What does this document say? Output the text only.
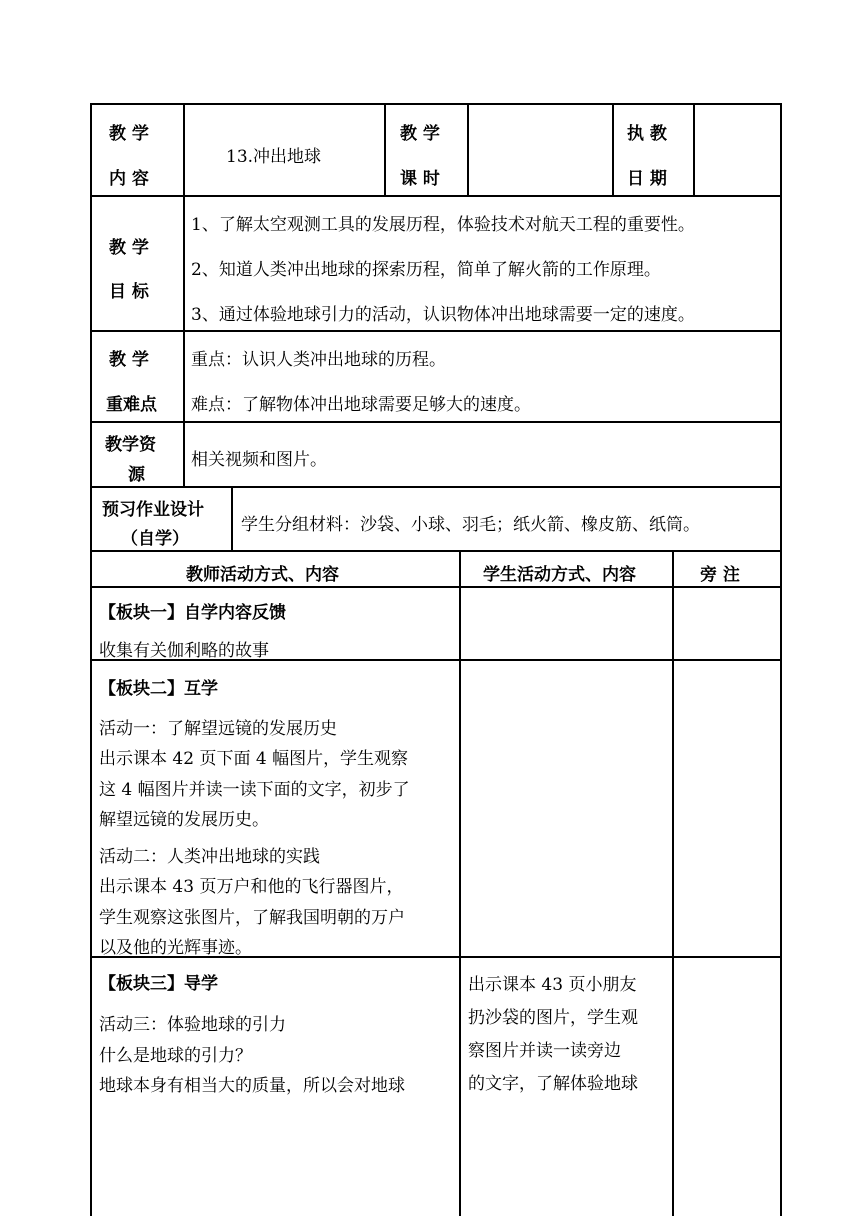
教 学
内 容
13.冲出地球
教 学
课 时
执 教
日 期
教 学
目 标
1、了解太空观测工具的发展历程，体验技术对航天工程的重要性。
2、知道人类冲出地球的探索历程，简单了解火箭的工作原理。
3、通过体验地球引力的活动，认识物体冲出地球需要一定的速度。
教 学
重难点
重点：认识人类冲出地球的历程。
难点：了解物体冲出地球需要足够大的速度。
教学资
源
相关视频和图片。
预习作业设计
（自学）
学生分组材料：沙袋、小球、羽毛；纸火箭、橡皮筋、纸筒。
教师活动方式、内容	学生活动方式、内容	旁 注
【板块一】自学内容反馈
收集有关伽利略的故事
【板块二】互学
活动一：了解望远镜的发展历史
出示课本 42 页下面 4 幅图片，学生观察
这 4 幅图片并读一读下面的文字，初步了
解望远镜的发展历史。
活动二：人类冲出地球的实践
出示课本 43 页万户和他的飞行器图片，
学生观察这张图片，了解我国明朝的万户
以及他的光辉事迹。
【板块三】导学
活动三：体验地球的引力
什么是地球的引力？
地球本身有相当大的质量，所以会对地球
出示课本 43 页小朋友
扔沙袋的图片，学生观
察图片并读一读旁边
的文字，了解体验地球
